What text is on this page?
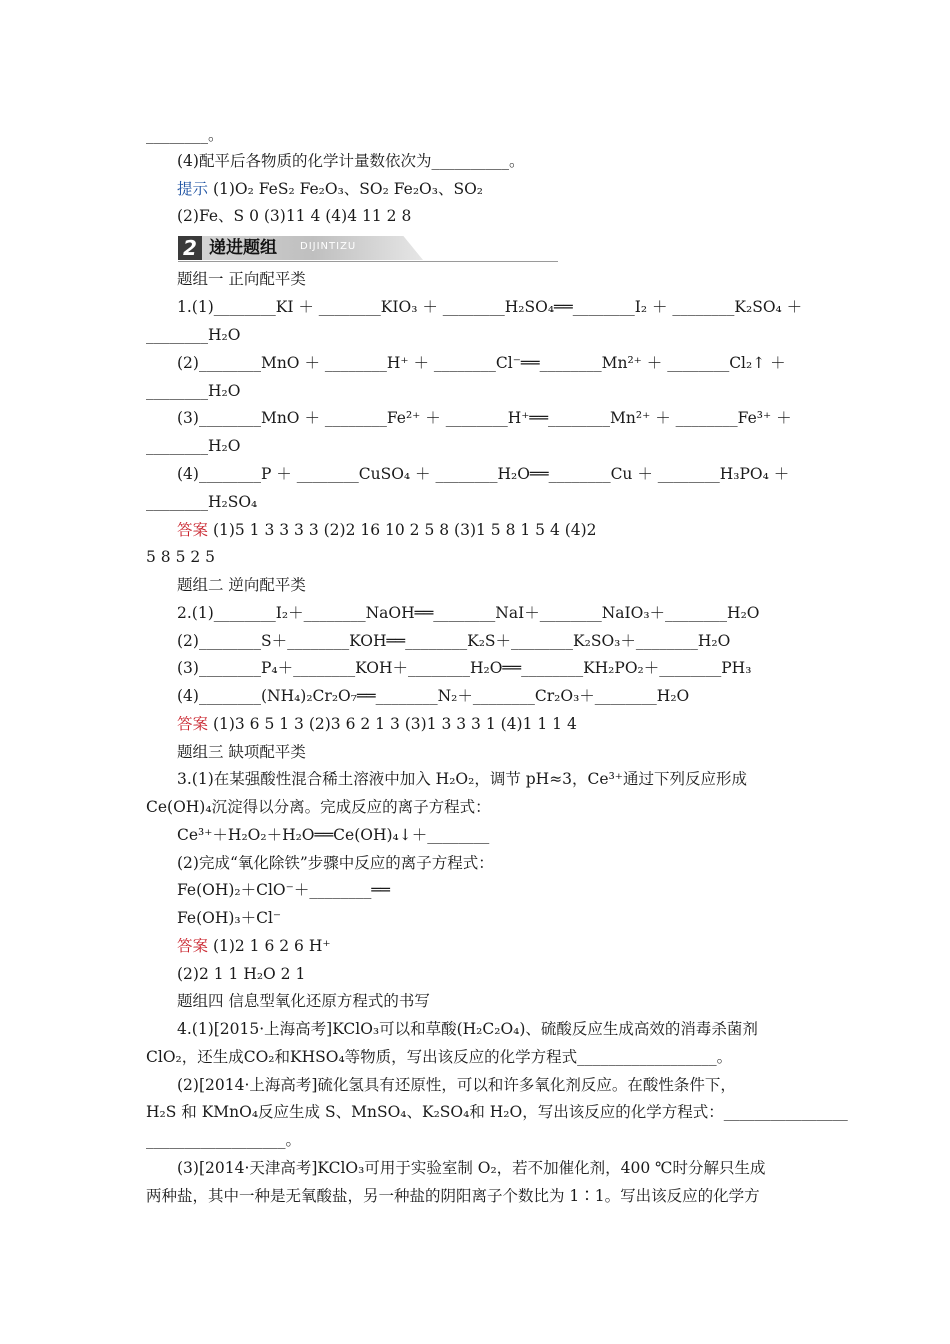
________。
(4)配平后各物质的化学计量数依次为__________。
提示 (1)O₂ FeS₂ Fe₂O₃、SO₂ Fe₂O₃、SO₂
(2)Fe、S 0 (3)11 4 (4)4 11 2 8
2 递进题组 DIJINTIZU
题组一 正向配平类
1.(1)________KI ＋ ________KIO₃ ＋ ________H₂SO₄══________I₂ ＋ ________K₂SO₄ ＋
________H₂O
(2)________MnO ＋ ________H⁺ ＋ ________Cl⁻══________Mn²⁺ ＋ ________Cl₂↑ ＋
________H₂O
(3)________MnO ＋ ________Fe²⁺ ＋ ________H⁺══________Mn²⁺ ＋ ________Fe³⁺ ＋
________H₂O
(4)________P ＋ ________CuSO₄ ＋ ________H₂O══________Cu ＋ ________H₃PO₄ ＋
________H₂SO₄
答案 (1)5 1 3 3 3 3 (2)2 16 10 2 5 8 (3)1 5 8 1 5 4 (4)2
5 8 5 2 5
题组二 逆向配平类
2.(1)________I₂＋________NaOH══________NaI＋________NaIO₃＋________H₂O
(2)________S＋________KOH══________K₂S＋________K₂SO₃＋________H₂O
(3)________P₄＋________KOH＋________H₂O══________KH₂PO₂＋________PH₃
(4)________(NH₄)₂Cr₂O₇══________N₂＋________Cr₂O₃＋________H₂O
答案 (1)3 6 5 1 3 (2)3 6 2 1 3 (3)1 3 3 3 1 (4)1 1 1 4
题组三 缺项配平类
3.(1)在某强酸性混合稀土溶液中加入 H₂O₂，调节 pH≈3，Ce³⁺通过下列反应形成
Ce(OH)₄沉淀得以分离。完成反应的离子方程式：
Ce³⁺＋H₂O₂＋H₂O══Ce(OH)₄↓＋________
(2)完成“氧化除铁”步骤中反应的离子方程式：
Fe(OH)₂＋ClO⁻＋________══
Fe(OH)₃＋Cl⁻
答案 (1)2 1 6 2 6 H⁺
(2)2 1 1 H₂O 2 1
题组四 信息型氧化还原方程式的书写
4.(1)[2015·上海高考]KClO₃可以和草酸(H₂C₂O₄)、硫酸反应生成高效的消毒杀菌剂
ClO₂，还生成CO₂和KHSO₄等物质，写出该反应的化学方程式__________________。
(2)[2014·上海高考]硫化氢具有还原性，可以和许多氧化剂反应。在酸性条件下，
H₂S 和 KMnO₄反应生成 S、MnSO₄、K₂SO₄和 H₂O，写出该反应的化学方程式：________________
__________________。
(3)[2014·天津高考]KClO₃可用于实验室制 O₂，若不加催化剂，400 ℃时分解只生成
两种盐，其中一种是无氧酸盐，另一种盐的阴阳离子个数比为 1∶1。写出该反应的化学方
